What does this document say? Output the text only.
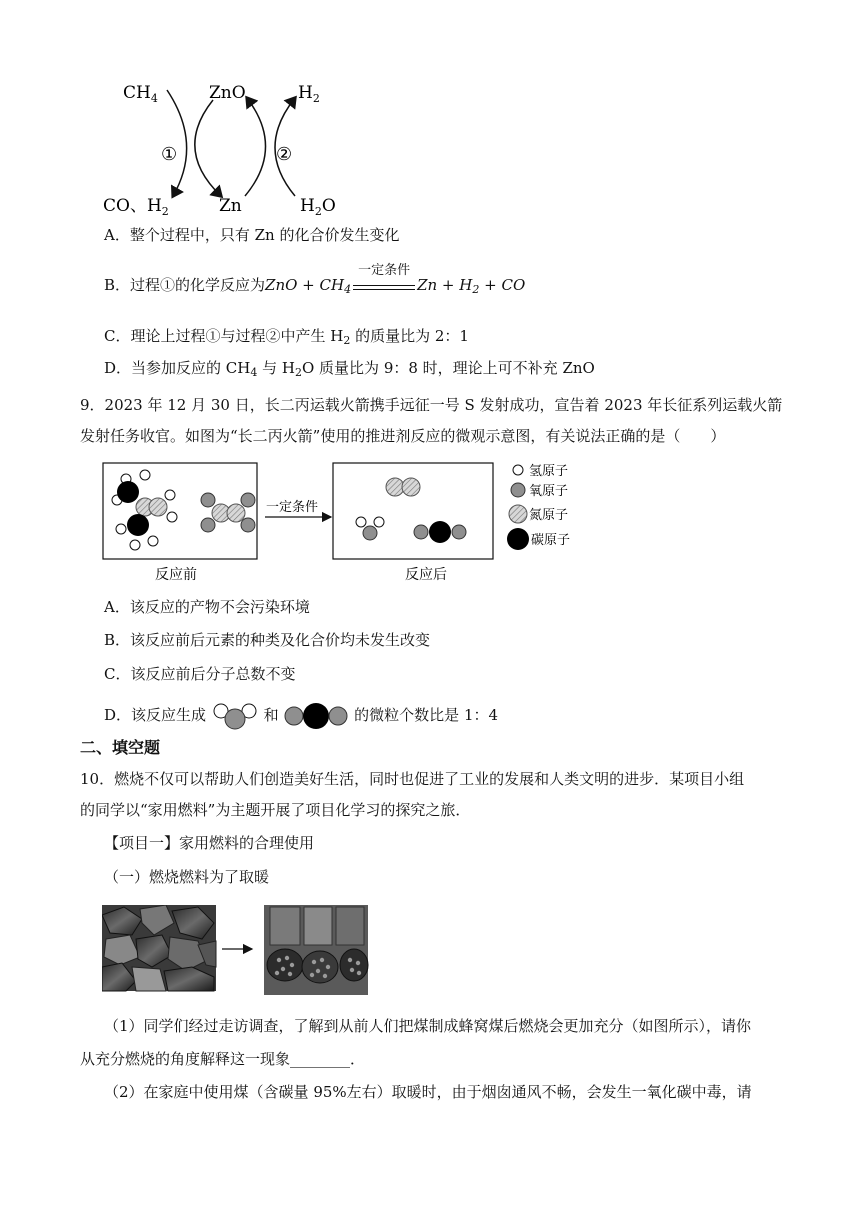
$CH_4$	ZnO	$H_2$
CO、$H_2$	Zn	$H_2O$
①	②
A．整个过程中，只有 Zn 的化合价发生变化
B．过程①的化学反应为ZnO + $CH_4$
一定条件
$Zn + H_2$ + CO
C．理论上过程①与过程②中产生 $H_2$ 的质量比为 2：1
D．当参加反应的 $CH_4$ 与 $H_2O$ 质量比为 9：8 时，理论上可不补充 ZnO
9．2023 年 12 月 30 日，长二丙运载火箭携手远征一号 S 发射成功，宣告着 2023 年长征系列运载火箭
发射任务收官。如图为“长二丙火箭”使用的推进剂反应的微观示意图，有关说法正确的是（　　）
反应前
一定条件
反应后
氢原子
氧原子
氮原子
碳原子
A．该反应的产物不会污染环境
B．该反应前后元素的种类及化合价均未发生改变
C．该反应前后分子总数不变
D．该反应生成	和	的微粒个数比是 1：4
二、填空题
10．燃烧不仅可以帮助人们创造美好生活，同时也促进了工业的发展和人类文明的进步．某项目小组
的同学以“家用燃料”为主题开展了项目化学习的探究之旅．
【项目一】家用燃料的合理使用
（一）燃烧燃料为了取暖
（1）同学们经过走访调查，了解到从前人们把煤制成蜂窝煤后燃烧会更加充分（如图所示），请你
从充分燃烧的角度解释这一现象________．
（2）在家庭中使用煤（含碳量 95%左右）取暖时，由于烟囱通风不畅，会发生一氧化碳中毒，请
